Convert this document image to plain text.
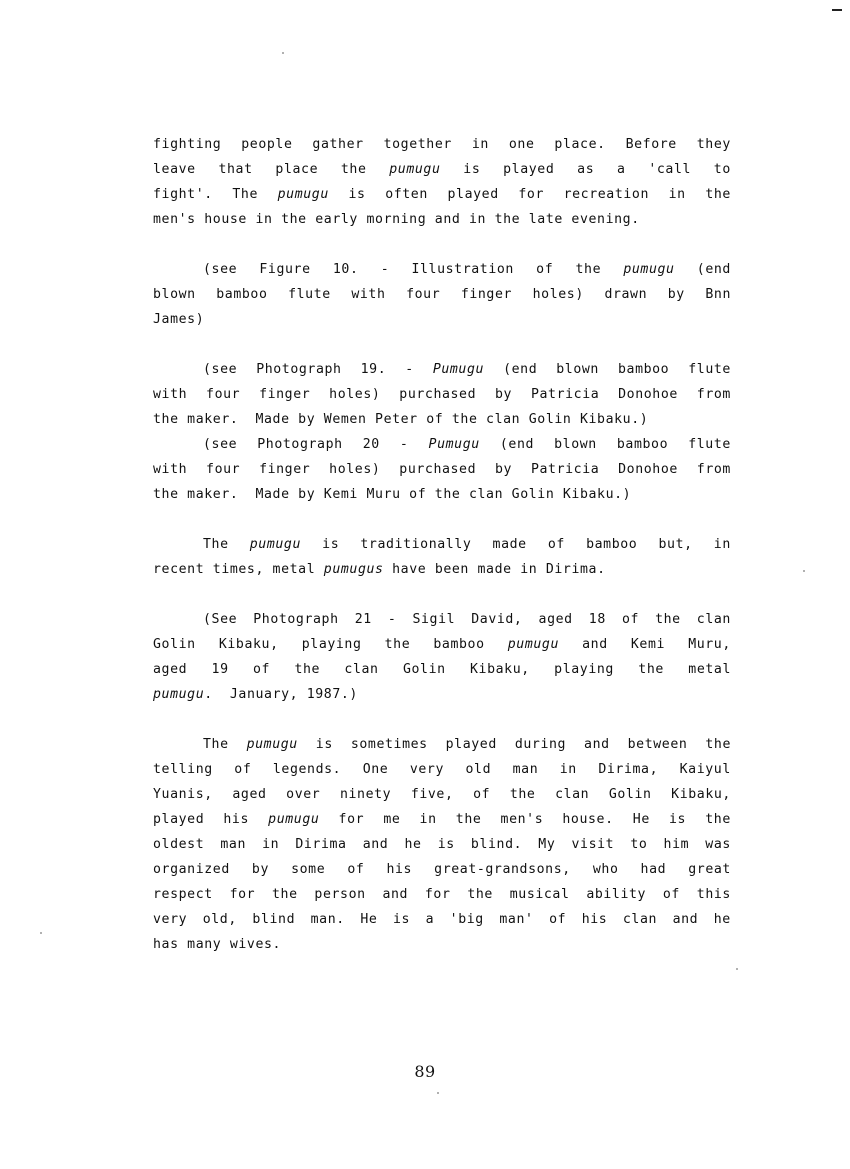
fighting people gather together in one place. Before they
leave that place the pumugu is played as a 'call to
fight'. The pumugu is often played for recreation in the
men's house in the early morning and in the late evening.
(see Figure 10. - Illustration of the pumugu (end
blown bamboo flute with four finger holes) drawn by Bnn
James)
(see Photograph 19. - Pumugu (end blown bamboo flute
with four finger holes) purchased by Patricia Donohoe from
the maker.  Made by Wemen Peter of the clan Golin Kibaku.)
(see Photograph 20 - Pumugu (end blown bamboo flute
with four finger holes) purchased by Patricia Donohoe from
the maker.  Made by Kemi Muru of the clan Golin Kibaku.)
The pumugu is traditionally made of bamboo but, in
recent times, metal pumugus have been made in Dirima.
(See Photograph 21 - Sigil David, aged 18 of the clan
Golin Kibaku, playing the bamboo pumugu and Kemi Muru,
aged 19 of the clan Golin Kibaku, playing the metal
pumugu.  January, 1987.)
The pumugu is sometimes played during and between the
telling of legends. One very old man in Dirima, Kaiyul
Yuanis, aged over ninety five, of the clan Golin Kibaku,
played his pumugu for me in the men's house. He is the
oldest man in Dirima and he is blind. My visit to him was
organized by some of his great-grandsons, who had great
respect for the person and for the musical ability of this
very old, blind man. He is a 'big man' of his clan and he
has many wives.
89
